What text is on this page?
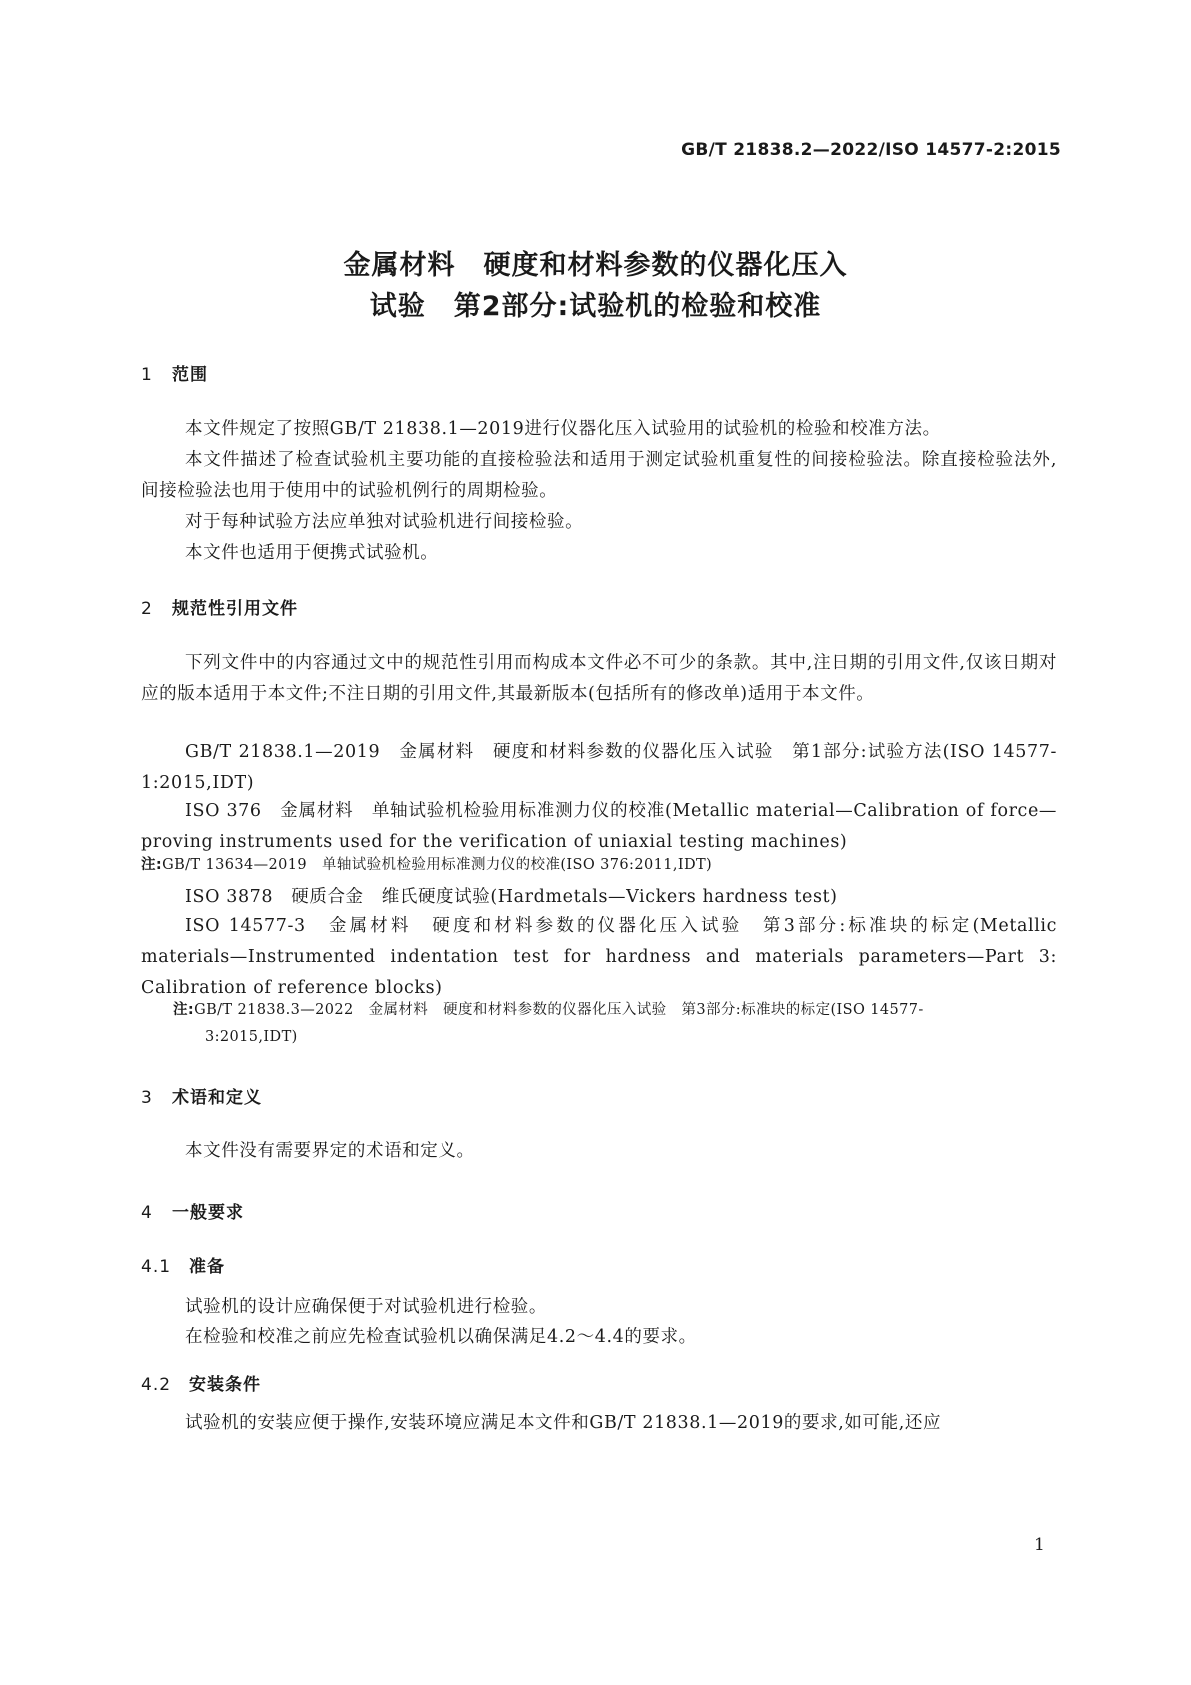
GB/T 21838.2—2022/ISO 14577-2:2015
金属材料　硬度和材料参数的仪器化压入
试验　第2部分:试验机的检验和校准
1 范围
本文件规定了按照GB/T 21838.1—2019进行仪器化压入试验用的试验机的检验和校准方法。
本文件描述了检查试验机主要功能的直接检验法和适用于测定试验机重复性的间接检验法。除直接检验法外,间接检验法也用于使用中的试验机例行的周期检验。
对于每种试验方法应单独对试验机进行间接检验。
本文件也适用于便携式试验机。
2 规范性引用文件
下列文件中的内容通过文中的规范性引用而构成本文件必不可少的条款。其中,注日期的引用文件,仅该日期对应的版本适用于本文件;不注日期的引用文件,其最新版本(包括所有的修改单)适用于本文件。
GB/T 21838.1—2019　金属材料　硬度和材料参数的仪器化压入试验　第1部分:试验方法(ISO 14577-1:2015,IDT)
ISO 376　金属材料　单轴试验机检验用标准测力仪的校准(Metallic material—Calibration of force—proving instruments used for the verification of uniaxial testing machines)
注:GB/T 13634—2019　单轴试验机检验用标准测力仪的校准(ISO 376:2011,IDT)
ISO 3878　硬质合金　维氏硬度试验(Hardmetals—Vickers hardness test)
ISO 14577-3　金属材料　硬度和材料参数的仪器化压入试验　第3部分:标准块的标定(Metallic materials—Instrumented indentation test for hardness and materials parameters—Part 3: Calibration of reference blocks)
注:GB/T 21838.3—2022　金属材料　硬度和材料参数的仪器化压入试验　第3部分:标准块的标定(ISO 14577-
3:2015,IDT)
3 术语和定义
本文件没有需要界定的术语和定义。
4 一般要求
4.1 准备
试验机的设计应确保便于对试验机进行检验。
在检验和校准之前应先检查试验机以确保满足4.2～4.4的要求。
4.2 安装条件
试验机的安装应便于操作,安装环境应满足本文件和GB/T 21838.1—2019的要求,如可能,还应
1
